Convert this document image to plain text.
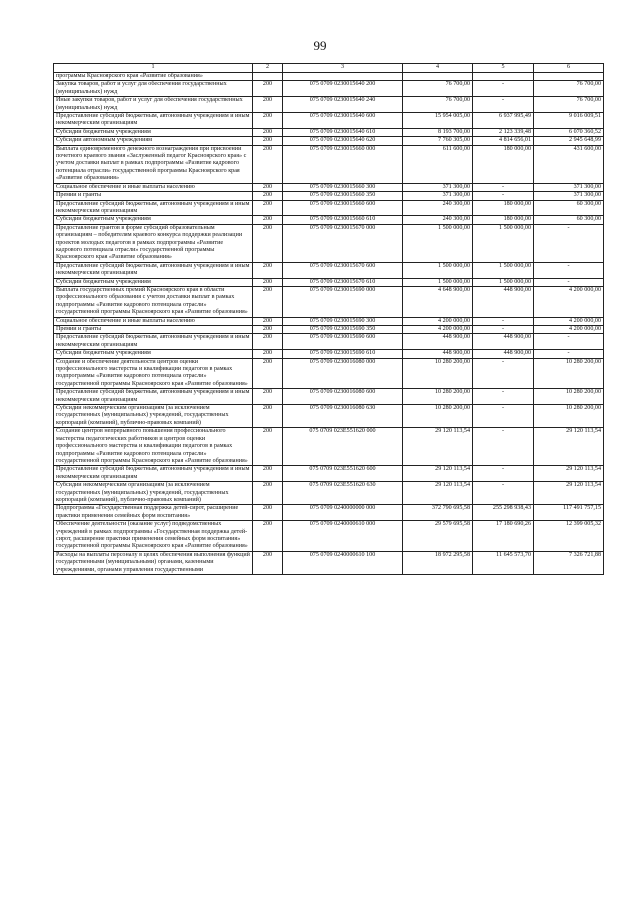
99
1	2	3	4	5	6
программы Красноярского края «Развитие образования»					
Закупка товаров, работ и услуг для обеспечения государственных (муниципальных) нужд	200	075 0709 0230015640 200	76 700,00	-	76 700,00
Иные закупки товаров, работ и услуг для обеспечения государственных (муниципальных) нужд	200	075 0709 0230015640 240	76 700,00	-	76 700,00
Предоставление субсидий бюджетным, автономным учреждениям и иным некоммерческим организациям	200	075 0709 0230015640 600	15 954 005,00	6 937 995,49	9 016 009,51
Субсидии бюджетным учреждениям	200	075 0709 0230015640 610	8 193 700,00	2 123 339,48	6 070 360,52
Субсидии автономным учреждениям	200	075 0709 0230015640 620	7 760 305,00	4 814 656,01	2 945 648,99
Выплата единовременного денежного вознаграждения при присвоении почетного краевого звания «Заслуженный педагог Красноярского края» с учетом доставки выплат в рамках подпрограммы «Развитие кадрового потенциала отрасли» государственной программы Красноярского края «Развитие образования»	200	075 0709 0230015660 000	611 600,00	180 000,00	431 600,00
Социальное обеспечение и иные выплаты населению	200	075 0709 0230015660 300	371 300,00	-	371 300,00
Премии и гранты	200	075 0709 0230015660 350	371 300,00	-	371 300,00
Предоставление субсидий бюджетным, автономным учреждениям и иным некоммерческим организациям	200	075 0709 0230015660 600	240 300,00	180 000,00	60 300,00
Субсидии бюджетным учреждениям	200	075 0709 0230015660 610	240 300,00	180 000,00	60 300,00
Предоставление грантов в форме субсидий образовательным организациям – победителям краевого конкурса поддержки реализации проектов молодых педагогов в рамках подпрограммы «Развитие кадрового потенциала отрасли» государственной программы Красноярского края «Развитие образования»	200	075 0709 0230015670 000	1 500 000,00	1 500 000,00	-
Предоставление субсидий бюджетным, автономным учреждениям и иным некоммерческим организациям	200	075 0709 0230015670 600	1 500 000,00	1 500 000,00	-
Субсидии бюджетным учреждениям	200	075 0709 0230015670 610	1 500 000,00	1 500 000,00	-
Выплата государственных премий Красноярского края в области профессионального образования с учетом доставки выплат в рамках подпрограммы «Развитие кадрового потенциала отрасли» государственной программы Красноярского края «Развитие образования»	200	075 0709 0230015690 000	4 648 900,00	448 900,00	4 200 000,00
Социальное обеспечение и иные выплаты населению	200	075 0709 0230015690 300	4 200 000,00	-	4 200 000,00
Премии и гранты	200	075 0709 0230015690 350	4 200 000,00	-	4 200 000,00
Предоставление субсидий бюджетным, автономным учреждениям и иным некоммерческим организациям	200	075 0709 0230015690 600	448 900,00	448 900,00	-
Субсидии бюджетным учреждениям	200	075 0709 0230015690 610	448 900,00	448 900,00	-
Создание и обеспечение деятельности центров оценки профессионального мастерства и квалификации педагогов в рамках подпрограммы «Развитие кадрового потенциала отрасли» государственной программы Красноярского края «Развитие образования»	200	075 0709 0230016080 000	10 280 200,00	-	10 280 200,00
Предоставление субсидий бюджетным, автономным учреждениям и иным некоммерческим организациям	200	075 0709 0230016080 600	10 280 200,00	-	10 280 200,00
Субсидии некоммерческим организациям (за исключением государственных (муниципальных) учреждений, государственных корпораций (компаний), публично-правовых компаний)	200	075 0709 0230016080 630	10 280 200,00	-	10 280 200,00
Создание центров непрерывного повышения профессионального мастерства педагогических работников и центров оценки профессионального мастерства и квалификации педагогов в рамках подпрограммы «Развитие кадрового потенциала отрасли» государственной программы Красноярского края «Развитие образования»	200	075 0709 023E551620 000	29 120 113,54	-	29 120 113,54
Предоставление субсидий бюджетным, автономным учреждениям и иным некоммерческим организациям	200	075 0709 023E551620 600	29 120 113,54	-	29 120 113,54
Субсидии некоммерческим организациям (за исключением государственных (муниципальных) учреждений, государственных корпораций (компаний), публично-правовых компаний)	200	075 0709 023E551620 630	29 120 113,54	-	29 120 113,54
Подпрограмма «Государственная поддержка детей-сирот, расширение практики применения семейных форм воспитания»	200	075 0709 0240000000 000	372 790 695,58	255 298 938,43	117 491 757,15
Обеспечение деятельности (оказание услуг) подведомственных учреждений в рамках подпрограммы «Государственная поддержка детей-сирот, расширение практики применения семейных форм воспитания» государственной программы Красноярского края «Развитие образования»	200	075 0709 0240000610 000	29 579 695,58	17 180 690,26	12 399 005,32
Расходы на выплаты персоналу в целях обеспечения выполнения функций государственными (муниципальными) органами, казенными учреждениями, органами управления государственными	200	075 0709 0240000610 100	18 972 295,58	11 645 573,70	7 326 721,88
